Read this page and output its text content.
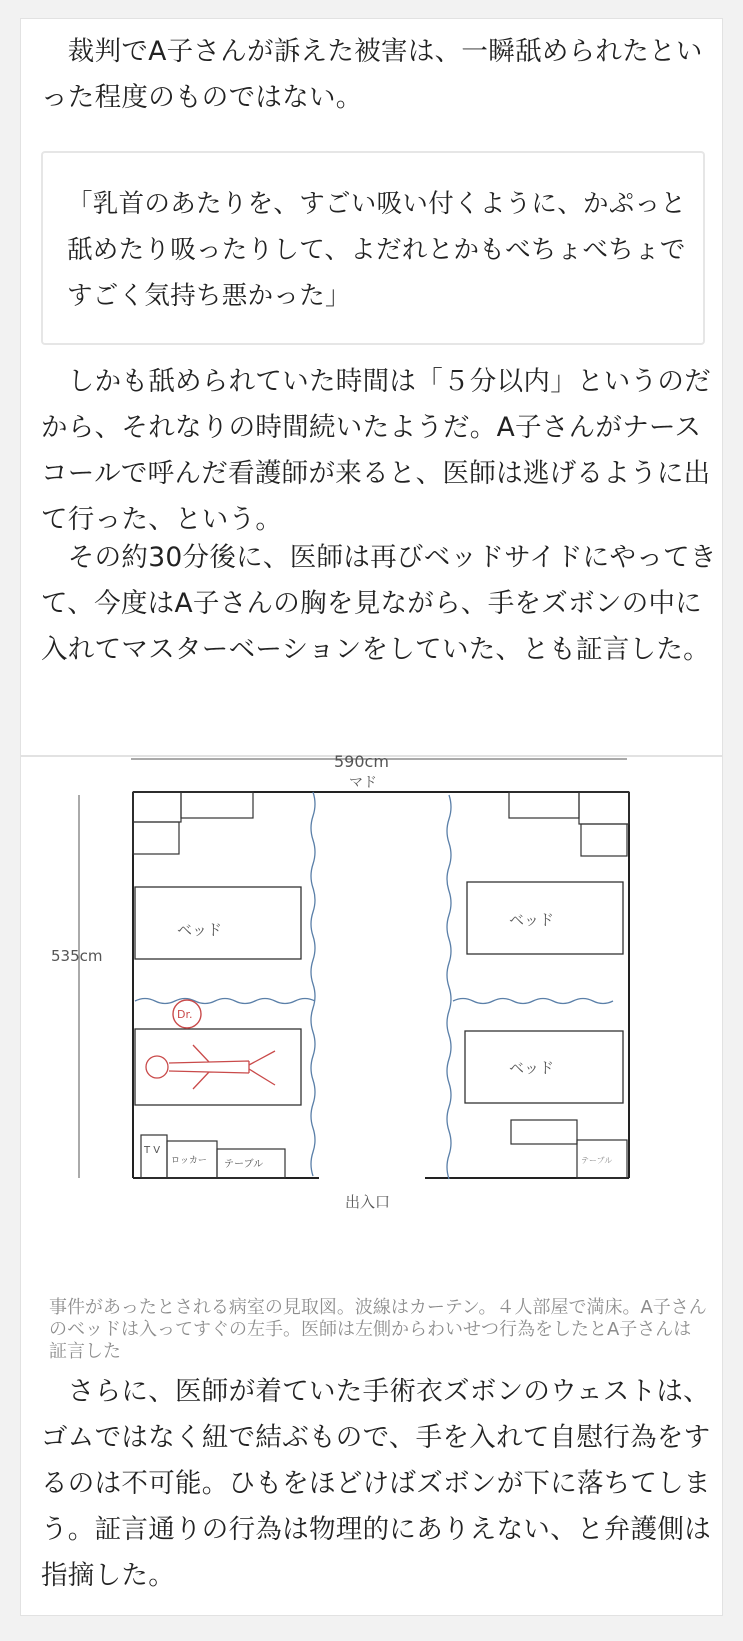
　裁判でA子さんが訴えた被害は、一瞬舐められたといった程度のものではない。

「乳首のあたりを、すごい吸い付くように、かぷっと舐めたり吸ったりして、よだれとかもべちょべちょですごく気持ち悪かった」

　しかも舐められていた時間は「５分以内」というのだから、それなりの時間続いたようだ。A子さんがナースコールで呼んだ看護師が来ると、医師は逃げるように出て行った、という。

　その約30分後に、医師は再びベッドサイドにやってきて、今度はA子さんの胸を見ながら、手をズボンの中に入れてマスターベーションをしていた、とも証言した。

590cm
マド
535cm
ベッド
ベッド
ベッド
Dr.
T V
ロッカー テーブル	テーブル
出入口

事件があったとされる病室の見取図。波線はカーテン。４人部屋で満床。A子さんのベッドは入ってすぐの左手。医師は左側からわいせつ行為をしたとA子さんは証言した

　さらに、医師が着ていた手術衣ズボンのウェストは、ゴムではなく紐で結ぶもので、手を入れて自慰行為をするのは不可能。ひもをほどけばズボンが下に落ちてしまう。証言通りの行為は物理的にありえない、と弁護側は指摘した。
